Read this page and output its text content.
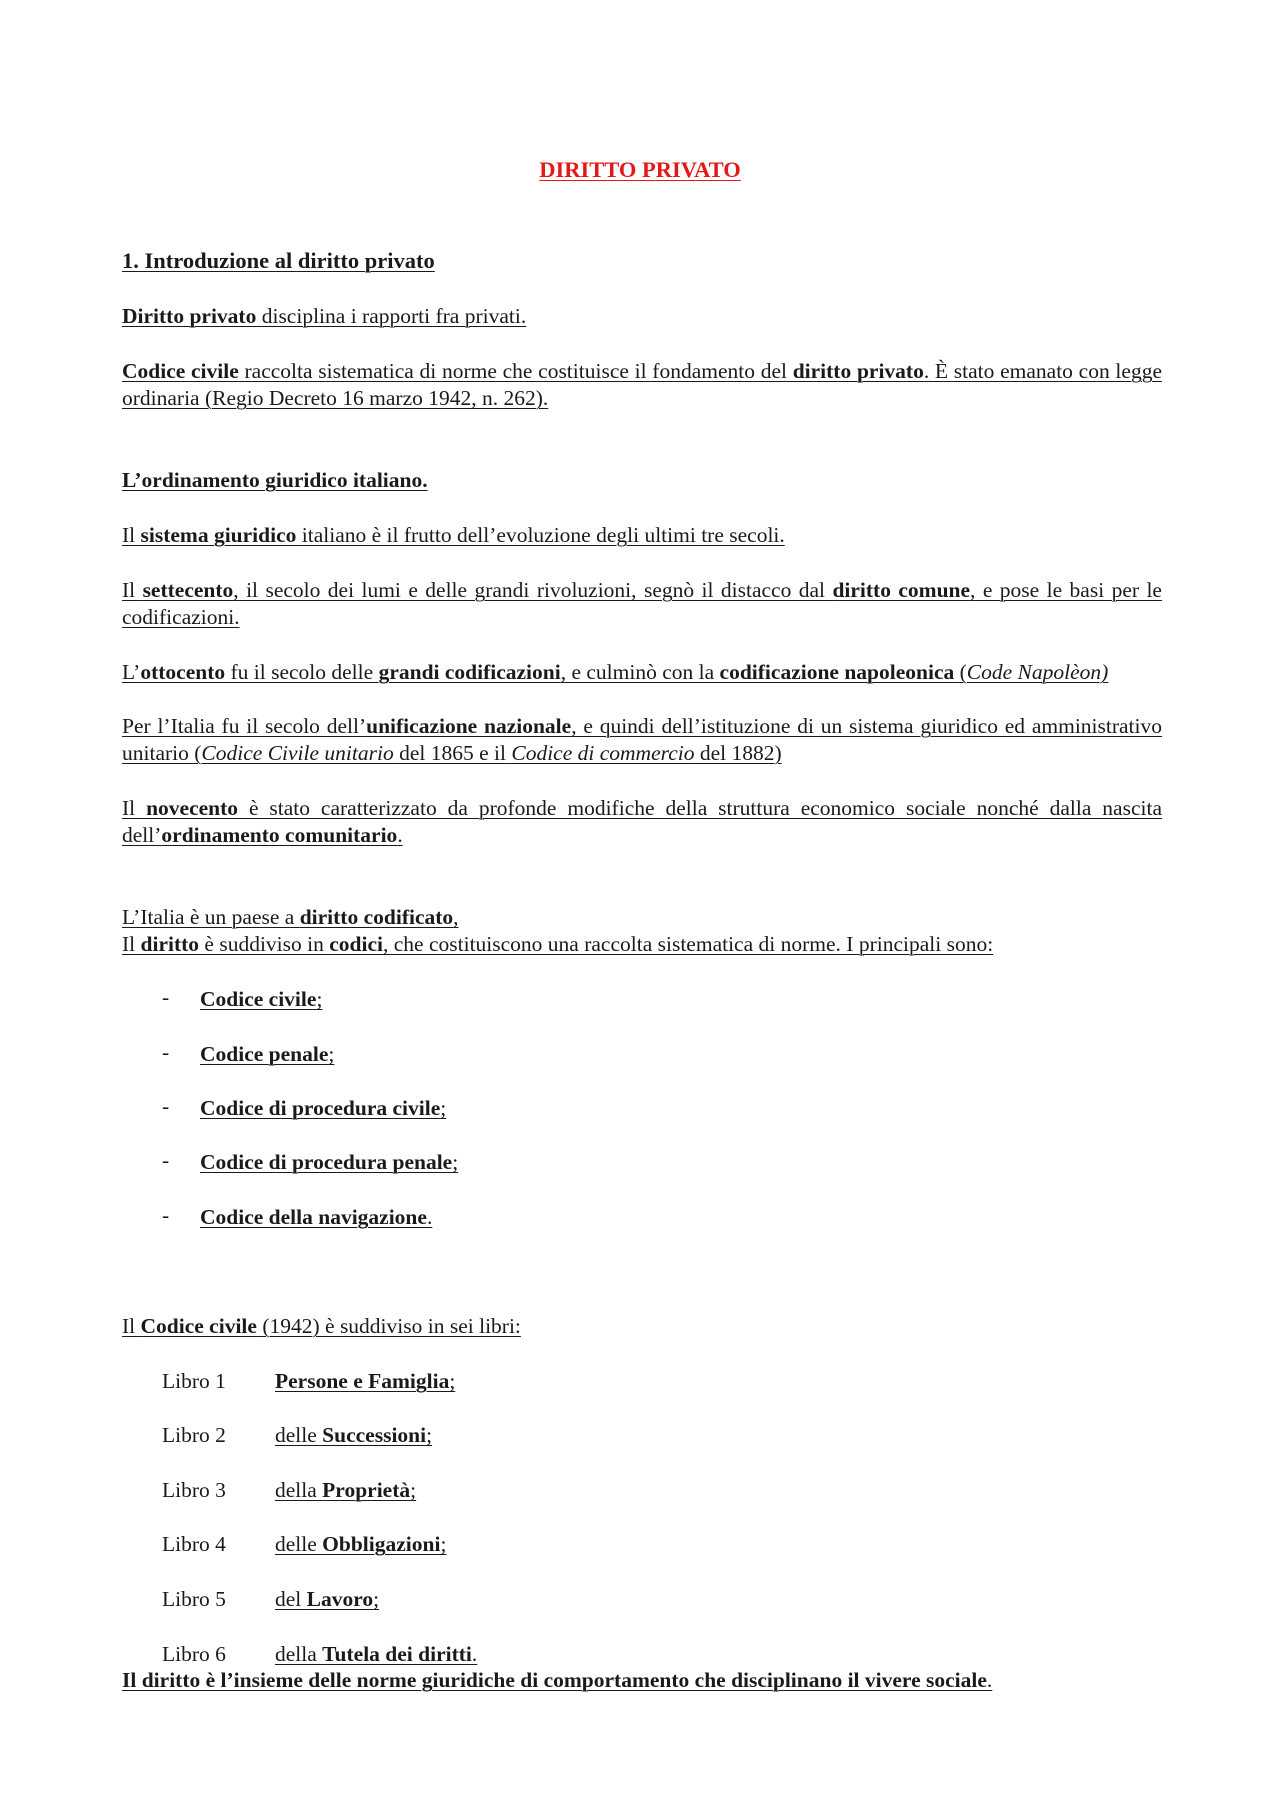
DIRITTO PRIVATO
1. Introduzione al diritto privato
Diritto privato disciplina i rapporti fra privati.
Codice civile raccolta sistematica di norme che costituisce il fondamento del diritto privato. È stato emanato con legge ordinaria (Regio Decreto 16 marzo 1942, n. 262).
L’ordinamento giuridico italiano.
Il sistema giuridico italiano è il frutto dell’evoluzione degli ultimi tre secoli.
Il settecento, il secolo dei lumi e delle grandi rivoluzioni, segnò il distacco dal diritto comune, e pose le basi per le codificazioni.
L’ottocento fu il secolo delle grandi codificazioni, e culminò con la codificazione napoleonica (Code Napolèon)
Per l’Italia fu il secolo dell’unificazione nazionale, e quindi dell’istituzione di un sistema giuridico ed amministrativo unitario (Codice Civile unitario del 1865 e il Codice di commercio del 1882)
Il novecento è stato caratterizzato da profonde modifiche della struttura economico sociale nonché dalla nascita dell’ordinamento comunitario.
L’Italia è un paese a diritto codificato,
Il diritto è suddiviso in codici, che costituiscono una raccolta sistematica di norme. I principali sono:
- Codice civile;
- Codice penale;
- Codice di procedura civile;
- Codice di procedura penale;
- Codice della navigazione.
Il Codice civile (1942) è suddiviso in sei libri:
Libro 1 Persone e Famiglia;
Libro 2 delle Successioni;
Libro 3 della Proprietà;
Libro 4 delle Obbligazioni;
Libro 5 del Lavoro;
Libro 6 della Tutela dei diritti.
Il diritto è l’insieme delle norme giuridiche di comportamento che disciplinano il vivere sociale.
